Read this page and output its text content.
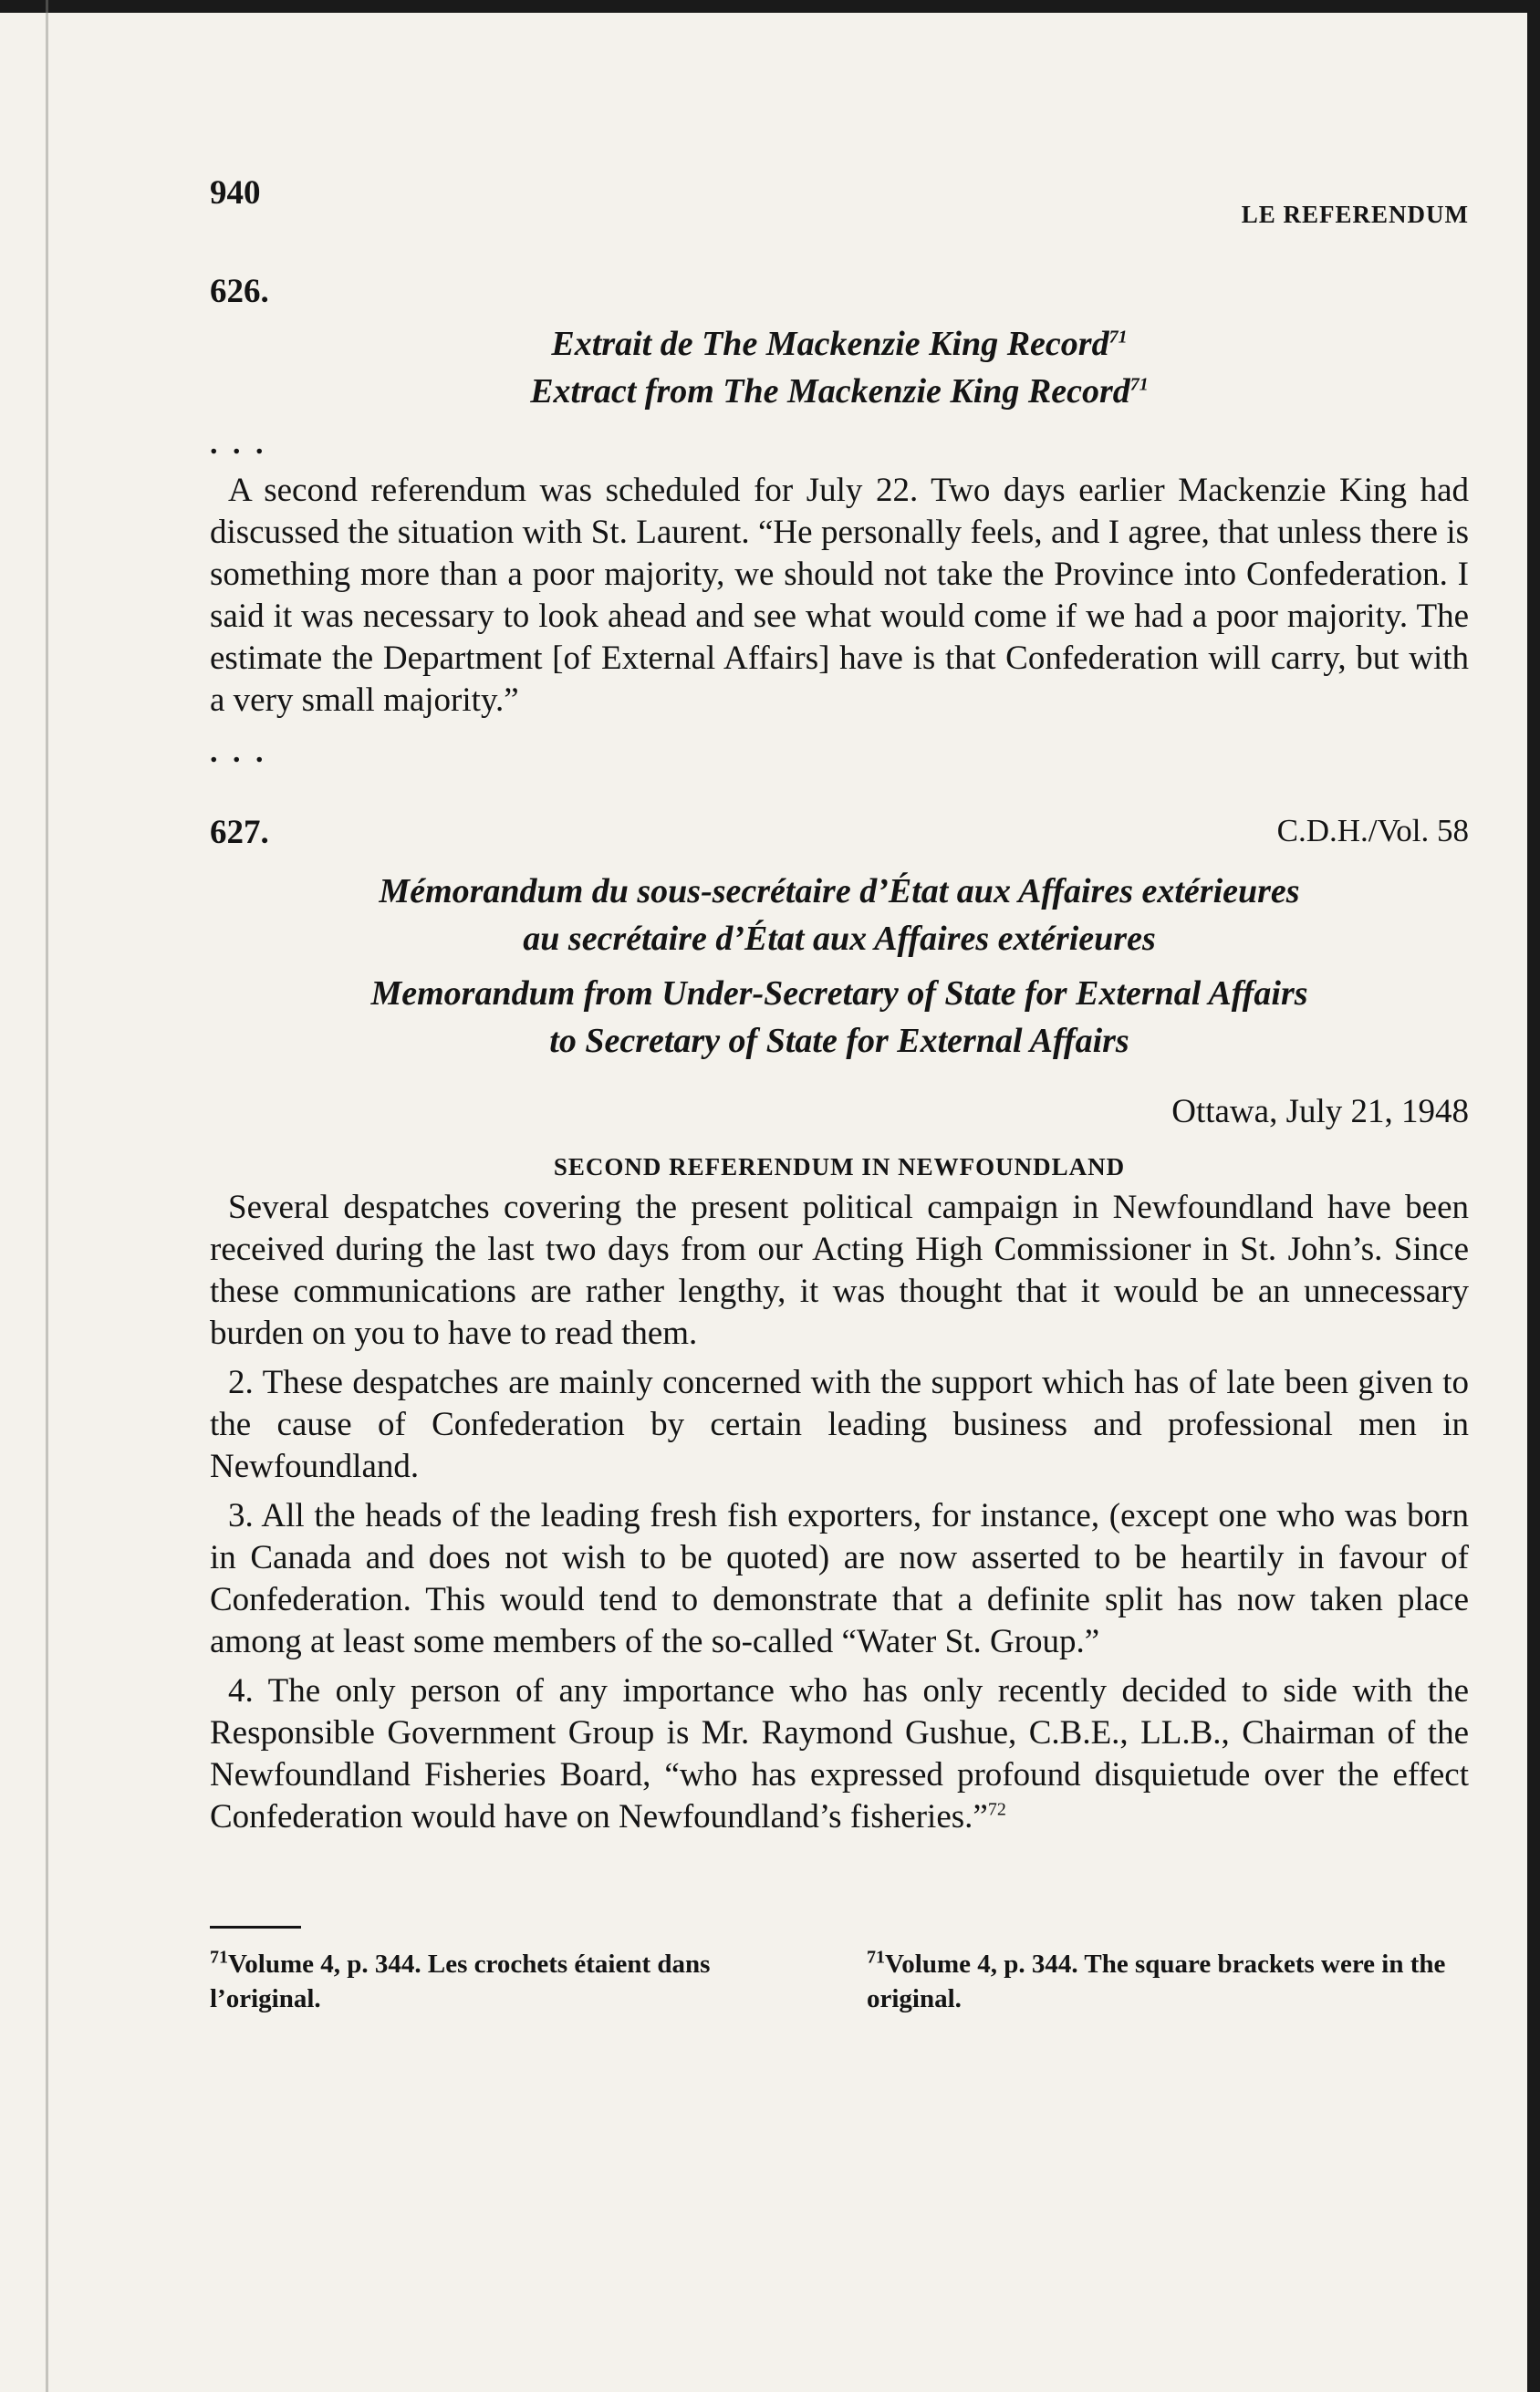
940
LE REFERENDUM
626.
Extrait de The Mackenzie King Record$^{71}$
Extract from The Mackenzie King Record$^{71}$
. . .

A second referendum was scheduled for July 22. Two days earlier Mackenzie King had discussed the situation with St. Laurent. “He personally feels, and I agree, that unless there is something more than a poor majority, we should not take the Province into Confederation. I said it was necessary to look ahead and see what would come if we had a poor majority. The estimate the Department [of External Affairs] have is that Confederation will carry, but with a very small majority.”

. . .
627.	C.D.H./Vol. 58
Mémorandum du sous-secrétaire d’État aux Affaires extérieures
au secrétaire d’État aux Affaires extérieures
Memorandum from Under-Secretary of State for External Affairs
to Secretary of State for External Affairs
Ottawa, July 21, 1948
SECOND REFERENDUM IN NEWFOUNDLAND

Several despatches covering the present political campaign in Newfoundland have been received during the last two days from our Acting High Commissioner in St. John’s. Since these communications are rather lengthy, it was thought that it would be an unnecessary burden on you to have to read them.

2. These despatches are mainly concerned with the support which has of late been given to the cause of Confederation by certain leading business and professional men in Newfoundland.

3. All the heads of the leading fresh fish exporters, for instance, (except one who was born in Canada and does not wish to be quoted) are now asserted to be heartily in favour of Confederation. This would tend to demonstrate that a definite split has now taken place among at least some members of the so-called “Water St. Group.”

4. The only person of any importance who has only recently decided to side with the Responsible Government Group is Mr. Raymond Gushue, C.B.E., LL.B., Chairman of the Newfoundland Fisheries Board, “who has expressed profound disquietude over the effect Confederation would have on Newfoundland’s fisheries.”$^{72}$

$^{71}$Volume 4, p. 344. Les crochets étaient dans l’original.
$^{71}$Volume 4, p. 344. The square brackets were in the original.
